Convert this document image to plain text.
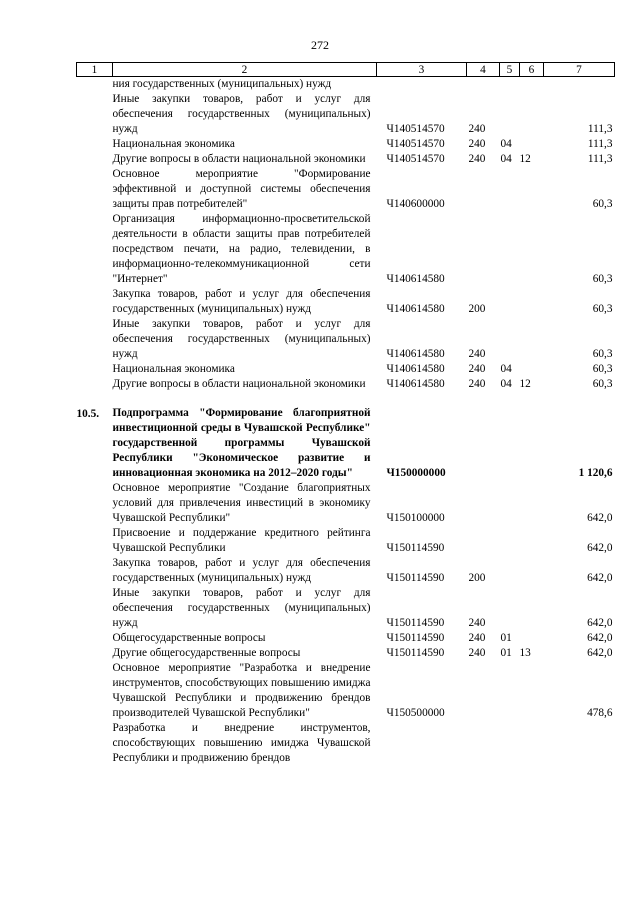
272
1	2	3	4	5	6	7
	ния государственных (муниципальных) нужд					
	Иные закупки товаров, работ и услуг для обеспечения государственных (муниципальных) нужд	Ч140514570	240			111,3
	Национальная экономика	Ч140514570	240	04		111,3
	Другие вопросы в области национальной экономики	Ч140514570	240	04	12	111,3
	Основное мероприятие "Формирование эффективной и доступной системы обеспечения защиты прав потребителей"	Ч140600000				60,3
	Организация информационно-просветительской деятельности в области защиты прав потребителей посредством печати, на радио, телевидении, в информационно-телекоммуникационной сети "Интернет"	Ч140614580				60,3
	Закупка товаров, работ и услуг для обеспечения государственных (муниципальных) нужд	Ч140614580	200			60,3
	Иные закупки товаров, работ и услуг для обеспечения государственных (муниципальных) нужд	Ч140614580	240			60,3
	Национальная экономика	Ч140614580	240	04		60,3
	Другие вопросы в области национальной экономики	Ч140614580	240	04	12	60,3

10.5.	Подпрограмма "Формирование благоприятной инвестиционной среды в Чувашской Республике" государственной программы Чувашской Республики "Экономическое развитие и инновационная экономика на 2012–2020 годы"	Ч150000000				1 120,6
	Основное мероприятие "Создание благоприятных условий для привлечения инвестиций в экономику Чувашской Республики"	Ч150100000				642,0
	Присвоение и поддержание кредитного рейтинга Чувашской Республики	Ч150114590				642,0
	Закупка товаров, работ и услуг для обеспечения государственных (муниципальных) нужд	Ч150114590	200			642,0
	Иные закупки товаров, работ и услуг для обеспечения государственных (муниципальных) нужд	Ч150114590	240			642,0
	Общегосударственные вопросы	Ч150114590	240	01		642,0
	Другие общегосударственные вопросы	Ч150114590	240	01	13	642,0
	Основное мероприятие "Разработка и внедрение инструментов, способствующих повышению имиджа Чувашской Республики и продвижению брендов производителей Чувашской Республики"	Ч150500000				478,6
	Разработка и внедрение инструментов, способствующих повышению имиджа Чувашской Республики и продвижению брендов					
